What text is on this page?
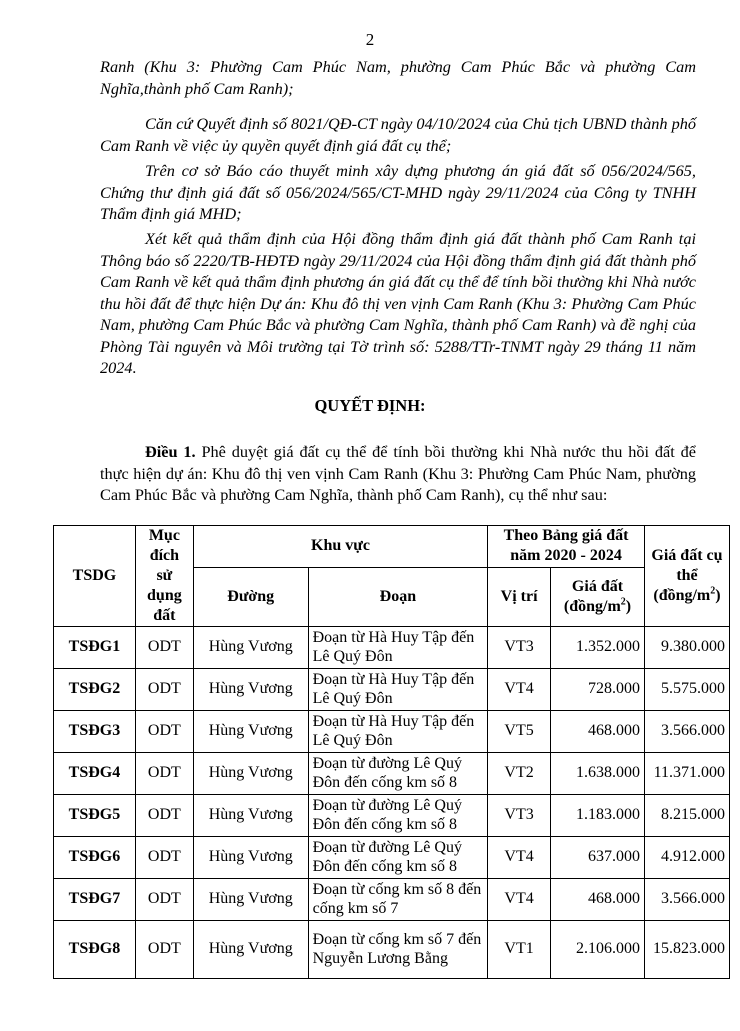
2

Ranh (Khu 3: Phường Cam Phúc Nam, phường Cam Phúc Bắc và phường Cam Nghĩa,thành phố Cam Ranh);

Căn cứ Quyết định số 8021/QĐ-CT ngày 04/10/2024 của Chủ tịch UBND thành phố Cam Ranh về việc ủy quyền quyết định giá đất cụ thể;

Trên cơ sở Báo cáo thuyết minh xây dựng phương án giá đất số 056/2024/565, Chứng thư định giá đất số 056/2024/565/CT-MHD ngày 29/11/2024 của Công ty TNHH Thẩm định giá MHD;

Xét kết quả thẩm định của Hội đồng thẩm định giá đất thành phố Cam Ranh tại Thông báo số 2220/TB-HĐTĐ ngày 29/11/2024 của Hội đồng thẩm định giá đất thành phố Cam Ranh về kết quả thẩm định phương án giá đất cụ thể để tính bồi thường khi Nhà nước thu hồi đất để thực hiện Dự án: Khu đô thị ven vịnh Cam Ranh (Khu 3: Phường Cam Phúc Nam, phường Cam Phúc Bắc và phường Cam Nghĩa, thành phố Cam Ranh) và đề nghị của Phòng Tài nguyên và Môi trường tại Tờ trình số: 5288/TTr-TNMT ngày 29 tháng 11 năm 2024.

QUYẾT ĐỊNH:

Điều 1. Phê duyệt giá đất cụ thể để tính bồi thường khi Nhà nước thu hồi đất để thực hiện dự án: Khu đô thị ven vịnh Cam Ranh (Khu 3: Phường Cam Phúc Nam, phường Cam Phúc Bắc và phường Cam Nghĩa, thành phố Cam Ranh), cụ thể như sau:

TSDG	Mục đích sử dụng đất	Khu vực		Theo Bảng giá đất năm 2020 - 2024		Giá đất cụ thể $(đồng/m^2)$
		Đường	Đoạn	Vị trí	Giá đất $(đồng/m^2)$	
TSĐG1	ODT	Hùng Vương	Đoạn từ Hà Huy Tập đến Lê Quý Đôn	VT3	1.352.000	9.380.000
TSĐG2	ODT	Hùng Vương	Đoạn từ Hà Huy Tập đến Lê Quý Đôn	VT4	728.000	5.575.000
TSĐG3	ODT	Hùng Vương	Đoạn từ Hà Huy Tập đến Lê Quý Đôn	VT5	468.000	3.566.000
TSĐG4	ODT	Hùng Vương	Đoạn từ đường Lê Quý Đôn đến cống km số 8	VT2	1.638.000	11.371.000
TSĐG5	ODT	Hùng Vương	Đoạn từ đường Lê Quý Đôn đến cống km số 8	VT3	1.183.000	8.215.000
TSĐG6	ODT	Hùng Vương	Đoạn từ đường Lê Quý Đôn đến cống km số 8	VT4	637.000	4.912.000
TSĐG7	ODT	Hùng Vương	Đoạn từ cống km số 8 đến cống km số 7	VT4	468.000	3.566.000
TSĐG8	ODT	Hùng Vương	Đoạn từ cống km số 7 đến Nguyễn Lương Bằng	VT1	2.106.000	15.823.000
